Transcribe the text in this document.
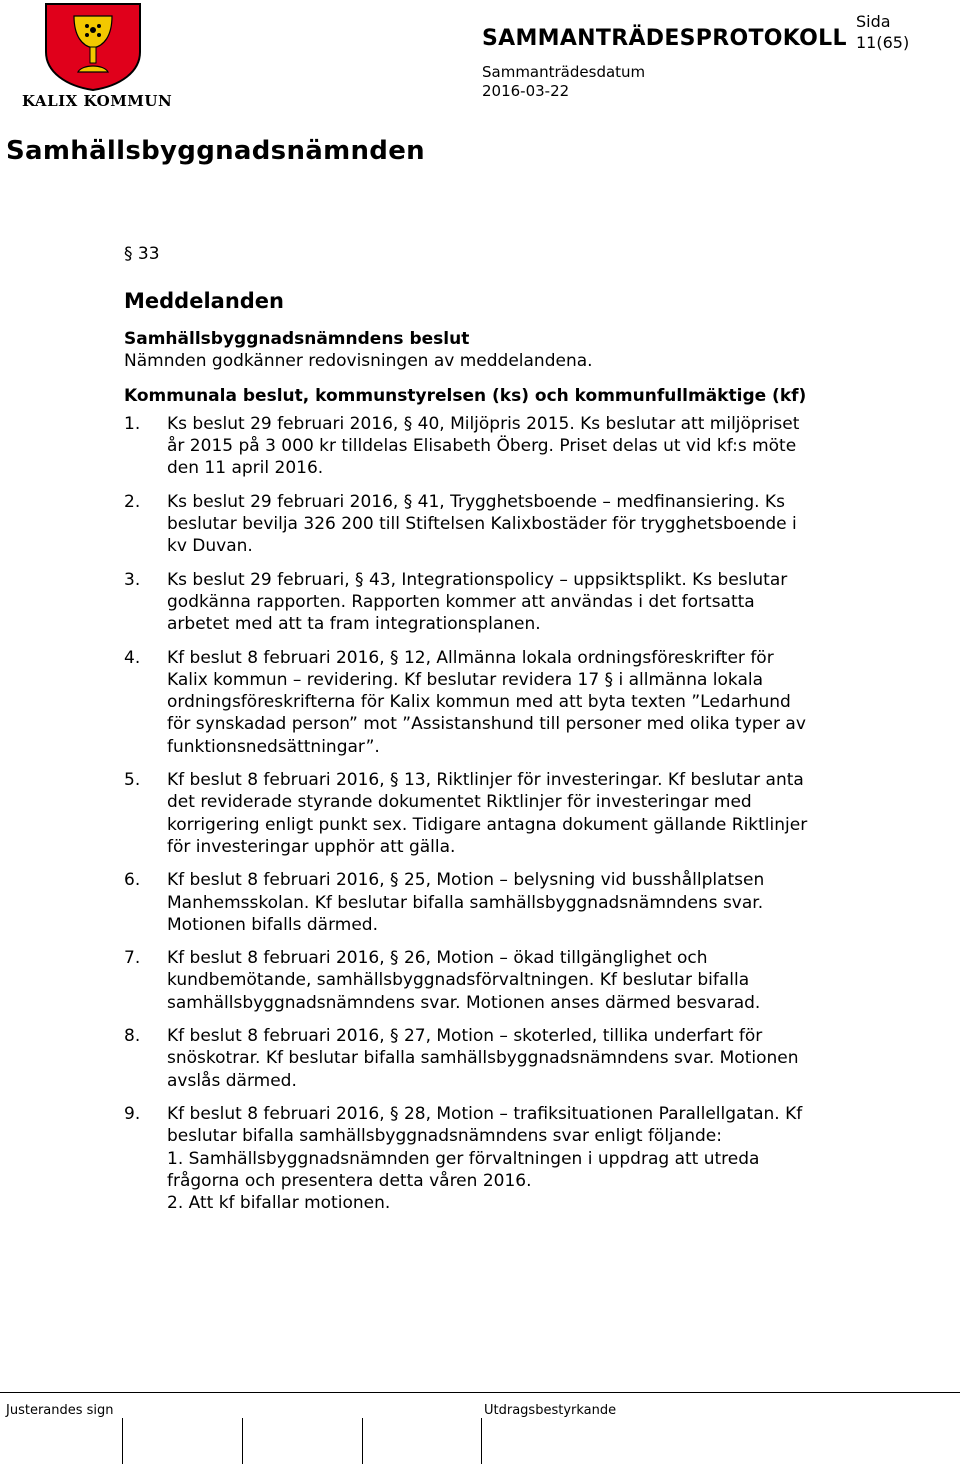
KALIX KOMMUN
SAMMANTRÄDESPROTOKOLL
Sida
11(65)
Sammanträdesdatum
2016-03-22
Samhällsbyggnadsnämnden
§ 33
Meddelanden

Samhällsbyggnadsnämndens beslut

Nämnden godkänner redovisningen av meddelandena.

Kommunala beslut, kommunstyrelsen (ks) och kommunfullmäktige (kf)

1. Ks beslut 29 februari 2016, § 40, Miljöpris 2015. Ks beslutar att miljöpriset år 2015 på 3 000 kr tilldelas Elisabeth Öberg. Priset delas ut vid kf:s möte den 11 april 2016.
2. Ks beslut 29 februari 2016, § 41, Trygghetsboende – medfinansiering. Ks beslutar bevilja 326 200 till Stiftelsen Kalixbostäder för trygghetsboende i kv Duvan.
3. Ks beslut 29 februari, § 43, Integrationspolicy – uppsiktsplikt. Ks beslutar godkänna rapporten. Rapporten kommer att användas i det fortsatta arbetet med att ta fram integrationsplanen.
4. Kf beslut 8 februari 2016, § 12, Allmänna lokala ordningsföreskrifter för Kalix kommun – revidering. Kf beslutar revidera 17 § i allmänna lokala ordningsföreskrifterna för Kalix kommun med att byta texten ”Ledarhund för synskadad person” mot ”Assistanshund till personer med olika typer av funktionsnedsättningar”.
5. Kf beslut 8 februari 2016, § 13, Riktlinjer för investeringar. Kf beslutar anta det reviderade styrande dokumentet Riktlinjer för investeringar med korrigering enligt punkt sex. Tidigare antagna dokument gällande Riktlinjer för investeringar upphör att gälla.
6. Kf beslut 8 februari 2016, § 25, Motion – belysning vid busshållplatsen Manhemsskolan. Kf beslutar bifalla samhällsbyggnadsnämndens svar. Motionen bifalls därmed.
7. Kf beslut 8 februari 2016, § 26, Motion – ökad tillgänglighet och kundbemötande, samhällsbyggnadsförvaltningen. Kf beslutar bifalla samhällsbyggnadsnämndens svar. Motionen anses därmed besvarad.
8. Kf beslut 8 februari 2016, § 27, Motion – skoterled, tillika underfart för snöskotrar. Kf beslutar bifalla samhällsbyggnadsnämndens svar. Motionen avslås därmed.
9. Kf beslut 8 februari 2016, § 28, Motion – trafiksituationen Parallellgatan. Kf beslutar bifalla samhällsbyggnadsnämndens svar enligt följande:
1. Samhällsbyggnadsnämnden ger förvaltningen i uppdrag att utreda frågorna och presentera detta våren 2016.
2. Att kf bifallar motionen.
Justerandes sign	Utdragsbestyrkande
